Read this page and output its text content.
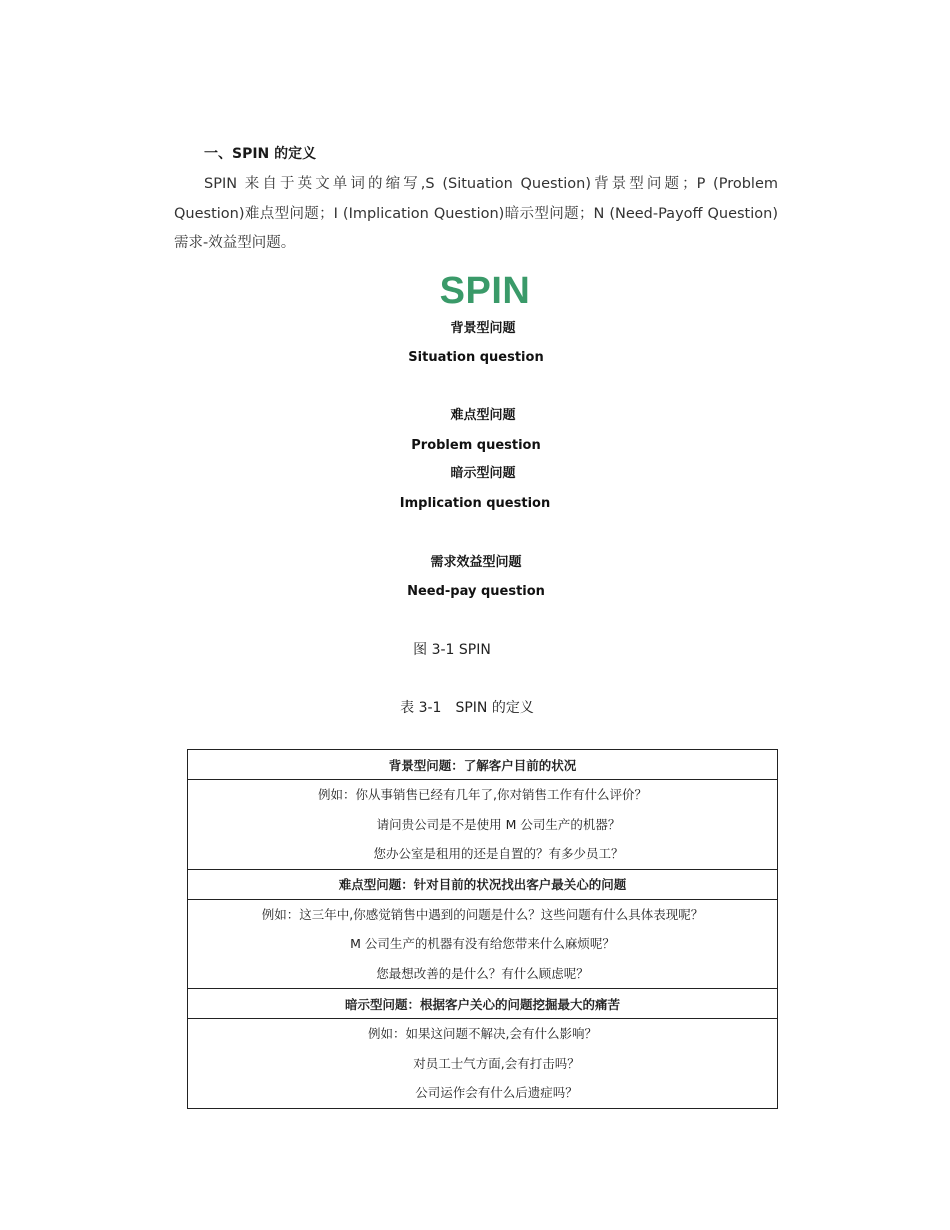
一、SPIN 的定义
SPIN 来自于英文单词的缩写,S (Situation Question)背景型问题；P (Problem Question)难点型问题；I (Implication Question)暗示型问题；N (Need-Payoff Question)需求-效益型问题。
SPIN
背景型问题
Situation question
难点型问题
Problem question
暗示型问题
Implication question
需求效益型问题
Need-pay question
图 3-1 SPIN
表 3-1　SPIN 的定义
背景型问题：了解客户目前的状况

例如：你从事销售已经有几年了,你对销售工作有什么评价？
请问贵公司是不是使用 M 公司生产的机器？
您办公室是租用的还是自置的？有多少员工？

难点型问题：针对目前的状况找出客户最关心的问题

例如：这三年中,你感觉销售中遇到的问题是什么？这些问题有什么具体表现呢？
M 公司生产的机器有没有给您带来什么麻烦呢？
您最想改善的是什么？有什么顾虑呢？

暗示型问题：根据客户关心的问题挖掘最大的痛苦

例如：如果这问题不解决,会有什么影响？
对员工士气方面,会有打击吗？
公司运作会有什么后遗症吗？
